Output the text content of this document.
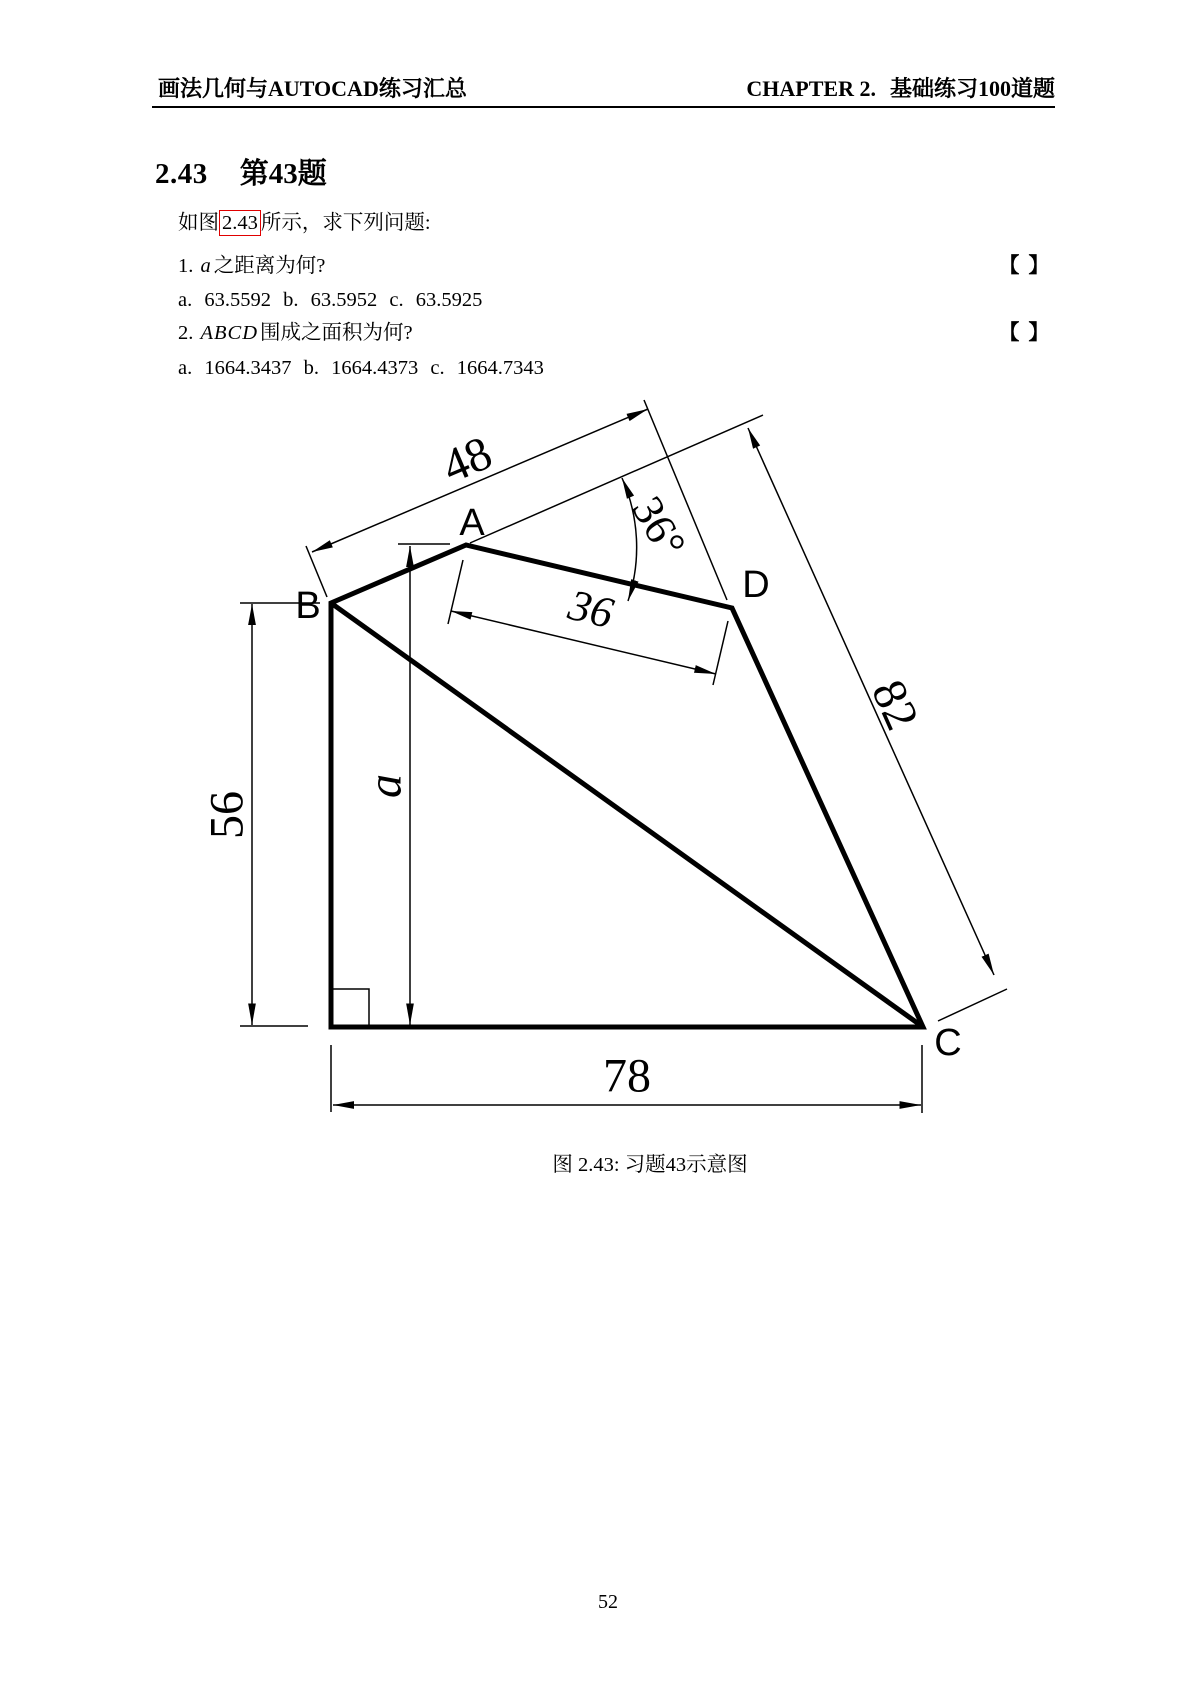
画法几何与AUTOCAD练习汇总	CHAPTER 2. 基础练习100道题
2.43 第43题
如图 2.43 所示，求下列问题:
1. a之距离为何?	【 】
a. 63.5592 b. 63.5952 c. 63.5925
2. ABCD围成之面积为何?	【 】
a. 1664.3437 b. 1664.4373 c. 1664.7343
48
36°
36
82
56
a
78
A
B
C
D
图 2.43: 习题43示意图
52
